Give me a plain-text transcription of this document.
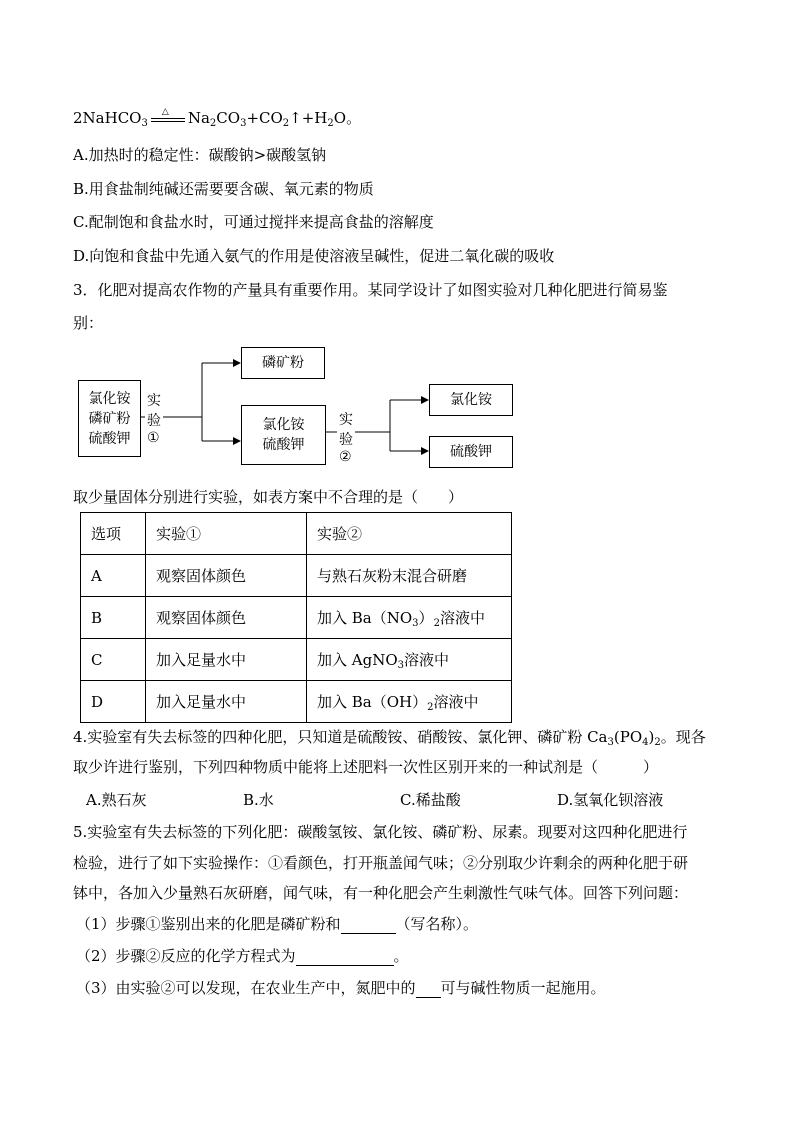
2NaHCO$_3$
△ $Na_2CO_3+CO_2↑+H_2O$。
A.加热时的稳定性：碳酸钠>碳酸氢钠
B.用食盐制纯碱还需要要含碳、氧元素的物质
C.配制饱和食盐水时，可通过搅拌来提高食盐的溶解度
D.向饱和食盐中先通入氨气的作用是使溶液呈碱性，促进二氧化碳的吸收
3．化肥对提高农作物的产量具有重要作用。某同学设计了如图实验对几种化肥进行简易鉴
别：
氯化铵
磷矿粉
硫酸钾
实验①
磷矿粉
氯化铵
硫酸钾
实验②
氯化铵
硫酸钾
取少量固体分别进行实验，如表方案中不合理的是（　　）
选项	实验①	实验②
A	观察固体颜色	与熟石灰粉末混合研磨
B	观察固体颜色	加入 $Ba(NO_3)_2$溶液中
C	加入足量水中	加入 AgNO$_3$溶液中
D	加入足量水中	加入 $Ba(OH)_2$溶液中
4.实验室有失去标签的四种化肥，只知道是硫酸铵、硝酸铵、氯化钾、磷矿粉 $Ca_3(PO_4)_2$。现各
取少许进行鉴别，下列四种物质中能将上述肥料一次性区别开来的一种试剂是（　　　）
A.熟石灰	B.水	C.稀盐酸	D.氢氧化钡溶液
5.实验室有失去标签的下列化肥：碳酸氢铵、氯化铵、磷矿粉、尿素。现要对这四种化肥进行
检验，进行了如下实验操作：①看颜色，打开瓶盖闻气味；②分别取少许剩余的两种化肥于研
钵中，各加入少量熟石灰研磨，闻气味，有一种化肥会产生刺激性气味气体。回答下列问题：
（1）步骤①鉴别出来的化肥是磷矿粉和	（写名称）。
（2）步骤②反应的化学方程式为	。
（3）由实验②可以发现，在农业生产中，氮肥中的 可与碱性物质一起施用。
